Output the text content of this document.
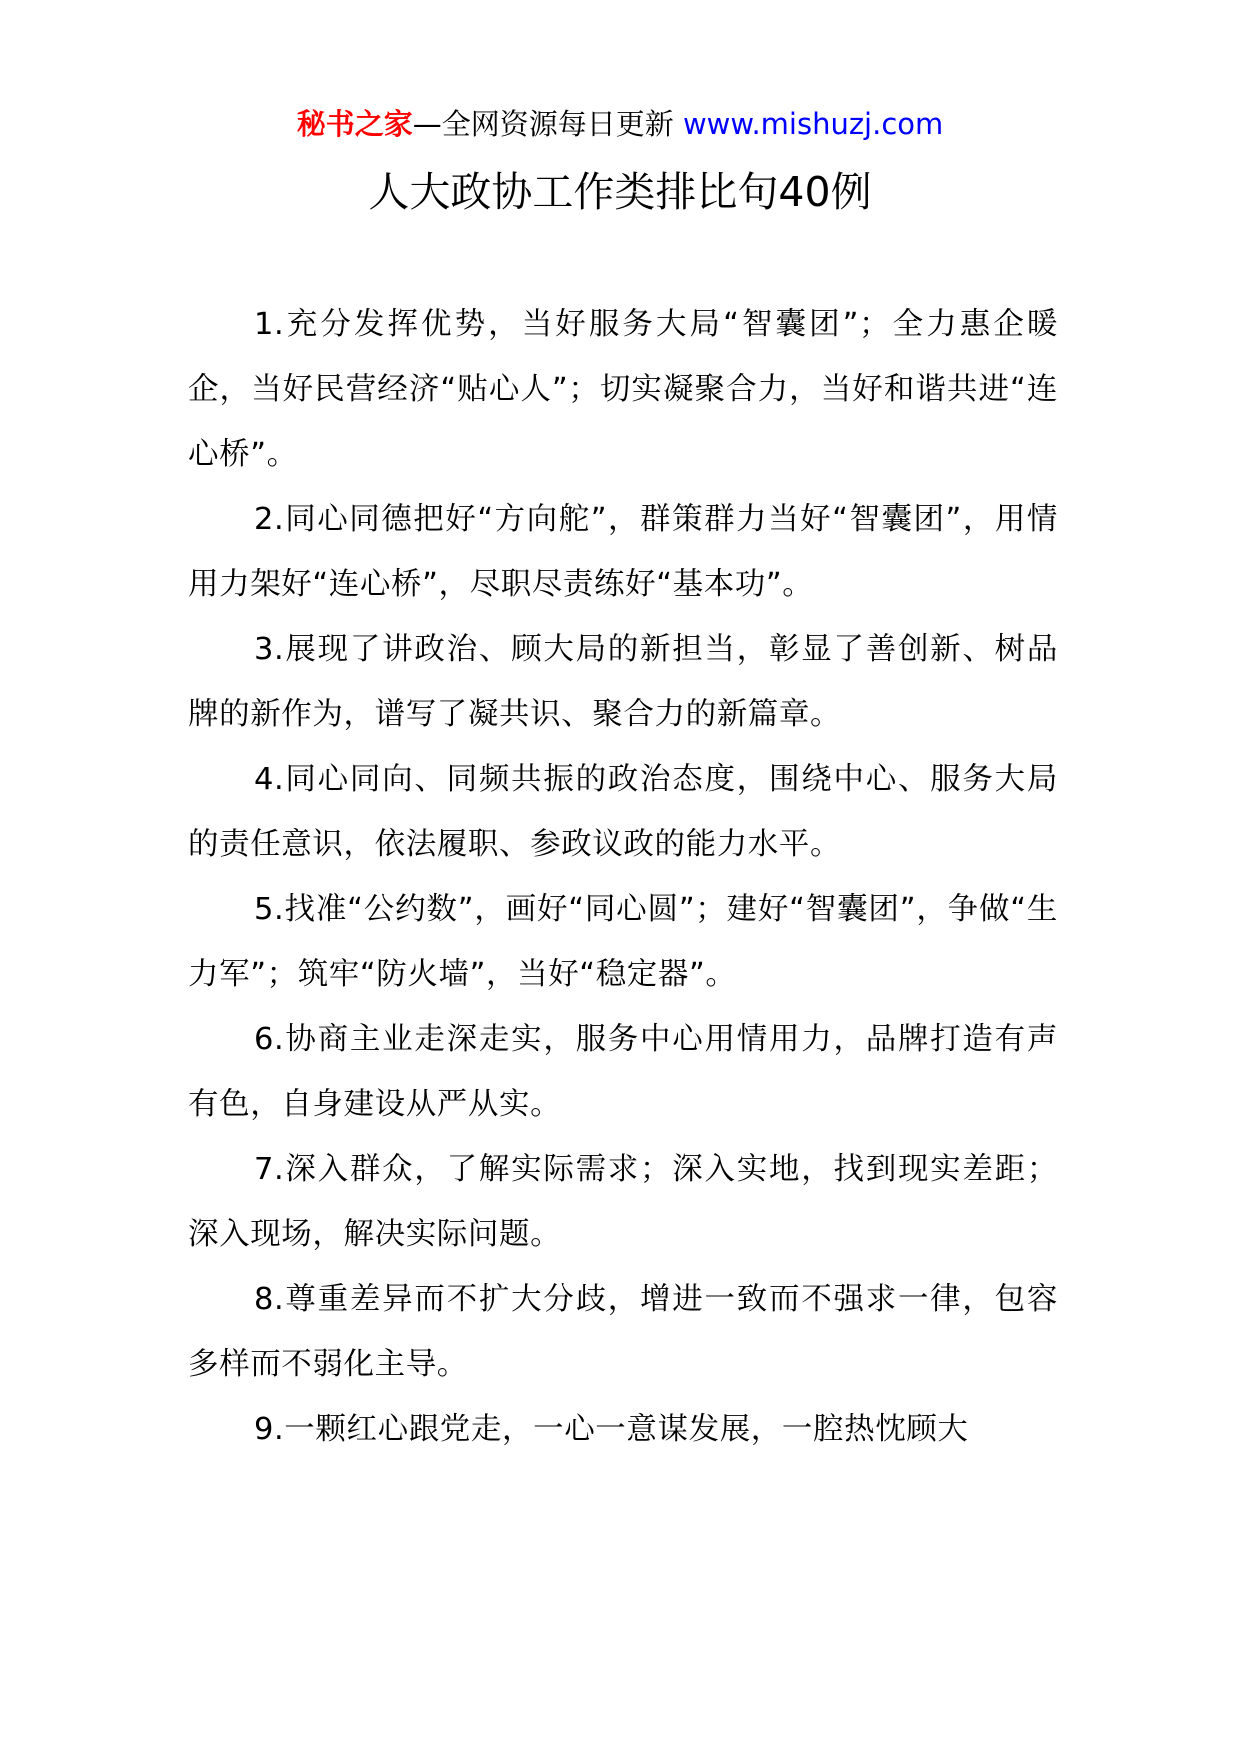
秘书之家—全网资源每日更新 www.mishuzj.com
人大政协工作类排比句40例

1.充分发挥优势，当好服务大局“智囊团”；全力惠企暖企，当好民营经济“贴心人”；切实凝聚合力，当好和谐共进“连心桥”。

2.同心同德把好“方向舵”，群策群力当好“智囊团”，用情用力架好“连心桥”，尽职尽责练好“基本功”。

3.展现了讲政治、顾大局的新担当，彰显了善创新、树品牌的新作为，谱写了凝共识、聚合力的新篇章。

4.同心同向、同频共振的政治态度，围绕中心、服务大局的责任意识，依法履职、参政议政的能力水平。

5.找准“公约数”，画好“同心圆”；建好“智囊团”，争做“生力军”；筑牢“防火墙”，当好“稳定器”。

6.协商主业走深走实，服务中心用情用力，品牌打造有声有色，自身建设从严从实。

7.深入群众，了解实际需求；深入实地，找到现实差距；深入现场，解决实际问题。

8.尊重差异而不扩大分歧，增进一致而不强求一律，包容多样而不弱化主导。

9.一颗红心跟党走，一心一意谋发展，一腔热忱顾大
